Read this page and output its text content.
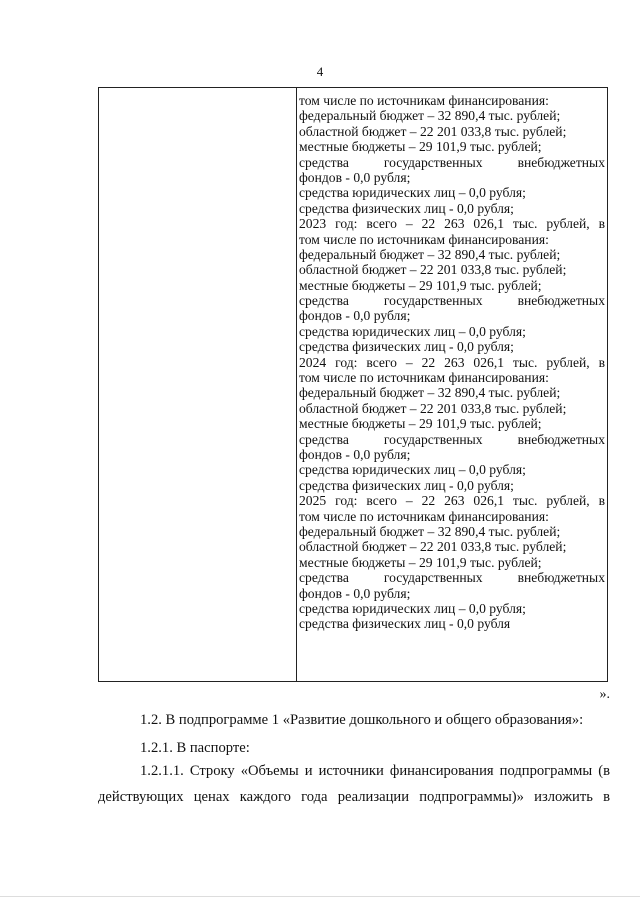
4
том числе по источникам финансирования:
федеральный бюджет – 32 890,4 тыс. рублей;
областной бюджет – 22 201 033,8 тыс. рублей;
местные бюджеты – 29 101,9 тыс. рублей;
средства государственных внебюджетных
фондов - 0,0 рубля;
средства юридических лиц – 0,0 рубля;
средства физических лиц - 0,0 рубля;
2023 год: всего – 22 263 026,1 тыс. рублей, в
том числе по источникам финансирования:
федеральный бюджет – 32 890,4 тыс. рублей;
областной бюджет – 22 201 033,8 тыс. рублей;
местные бюджеты – 29 101,9 тыс. рублей;
средства государственных внебюджетных
фондов - 0,0 рубля;
средства юридических лиц – 0,0 рубля;
средства физических лиц - 0,0 рубля;
2024 год: всего – 22 263 026,1 тыс. рублей, в
том числе по источникам финансирования:
федеральный бюджет – 32 890,4 тыс. рублей;
областной бюджет – 22 201 033,8 тыс. рублей;
местные бюджеты – 29 101,9 тыс. рублей;
средства государственных внебюджетных
фондов - 0,0 рубля;
средства юридических лиц – 0,0 рубля;
средства физических лиц - 0,0 рубля;
2025 год: всего – 22 263 026,1 тыс. рублей, в
том числе по источникам финансирования:
федеральный бюджет – 32 890,4 тыс. рублей;
областной бюджет – 22 201 033,8 тыс. рублей;
местные бюджеты – 29 101,9 тыс. рублей;
средства государственных внебюджетных
фондов - 0,0 рубля;
средства юридических лиц – 0,0 рубля;
средства физических лиц - 0,0 рубля
».
1.2. В подпрограмме 1 «Развитие дошкольного и общего образования»:
1.2.1. В паспорте:
1.2.1.1. Строку «Объемы и источники финансирования подпрограммы (в
действующих ценах каждого года реализации подпрограммы)» изложить в
